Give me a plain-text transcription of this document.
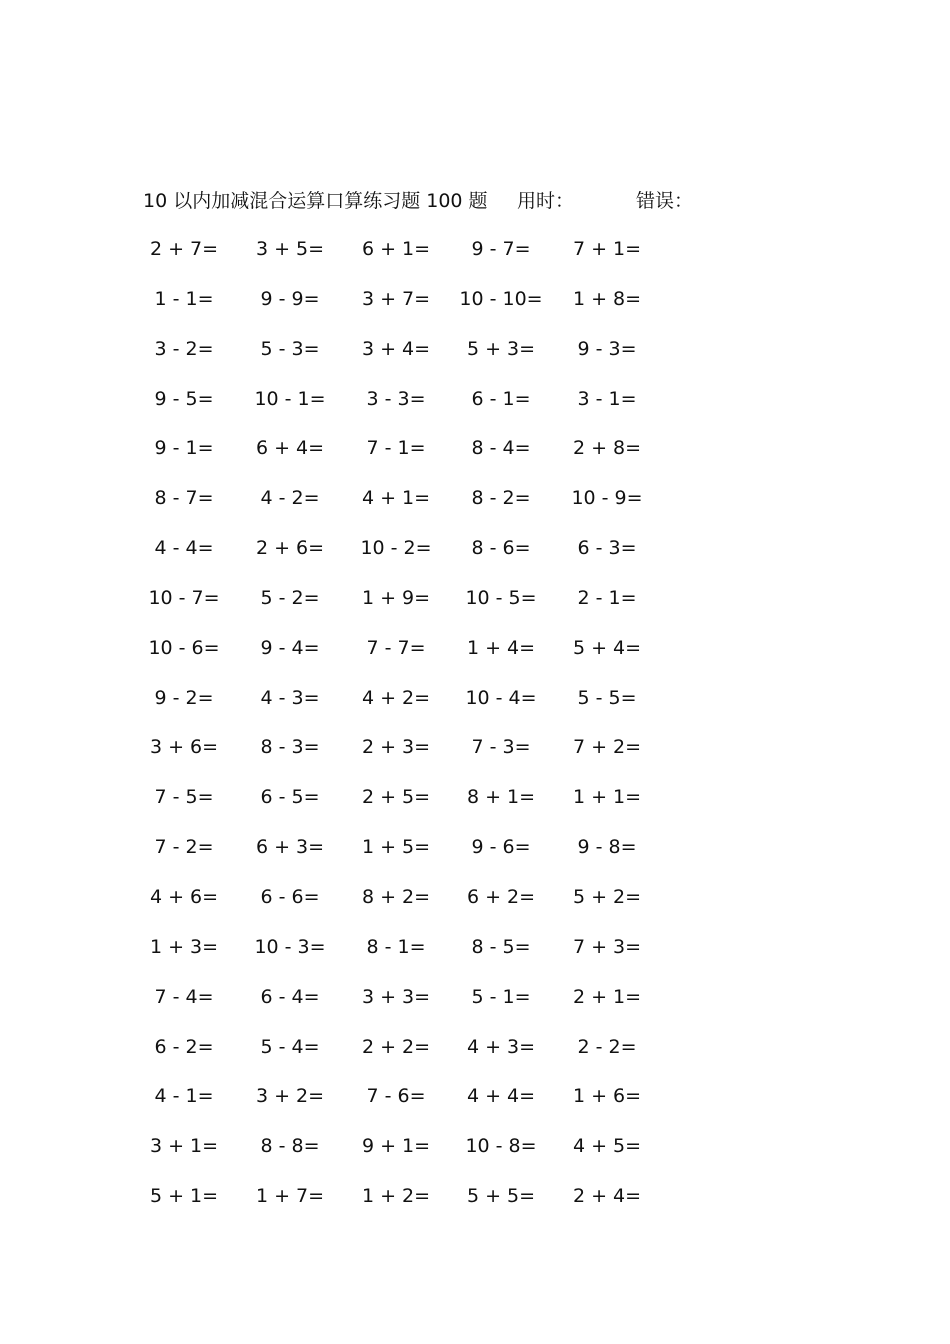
10 以内加减混合运算口算练习题 100 题 用时：	错误：
2 + 7=	3 + 5=	6 + 1=	9 - 7=	7 + 1=
1 - 1=	9 - 9=	3 + 7=	10 - 10=	1 + 8=
3 - 2=	5 - 3=	3 + 4=	5 + 3=	9 - 3=
9 - 5=	10 - 1=	3 - 3=	6 - 1=	3 - 1=
9 - 1=	6 + 4=	7 - 1=	8 - 4=	2 + 8=
8 - 7=	4 - 2=	4 + 1=	8 - 2=	10 - 9=
4 - 4=	2 + 6=	10 - 2=	8 - 6=	6 - 3=
10 - 7=	5 - 2=	1 + 9=	10 - 5=	2 - 1=
10 - 6=	9 - 4=	7 - 7=	1 + 4=	5 + 4=
9 - 2=	4 - 3=	4 + 2=	10 - 4=	5 - 5=
3 + 6=	8 - 3=	2 + 3=	7 - 3=	7 + 2=
7 - 5=	6 - 5=	2 + 5=	8 + 1=	1 + 1=
7 - 2=	6 + 3=	1 + 5=	9 - 6=	9 - 8=
4 + 6=	6 - 6=	8 + 2=	6 + 2=	5 + 2=
1 + 3=	10 - 3=	8 - 1=	8 - 5=	7 + 3=
7 - 4=	6 - 4=	3 + 3=	5 - 1=	2 + 1=
6 - 2=	5 - 4=	2 + 2=	4 + 3=	2 - 2=
4 - 1=	3 + 2=	7 - 6=	4 + 4=	1 + 6=
3 + 1=	8 - 8=	9 + 1=	10 - 8=	4 + 5=
5 + 1=	1 + 7=	1 + 2=	5 + 5=	2 + 4=
